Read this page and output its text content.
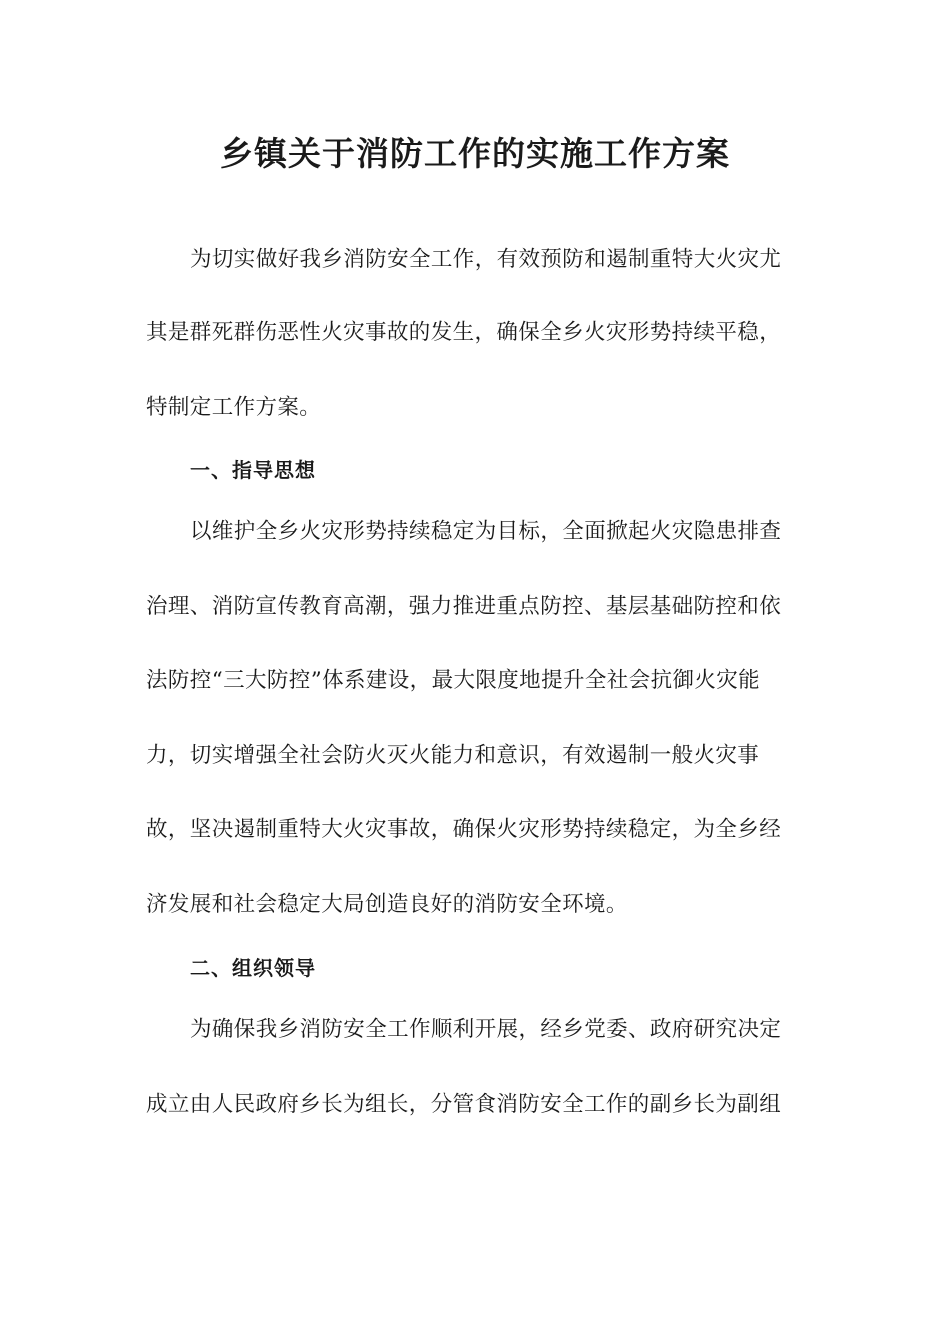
乡镇关于消防工作的实施工作方案
为切实做好我乡消防安全工作，有效预防和遏制重特大火灾尤
其是群死群伤恶性火灾事故的发生，确保全乡火灾形势持续平稳，
特制定工作方案。
一、指导思想
以维护全乡火灾形势持续稳定为目标，全面掀起火灾隐患排查
治理、消防宣传教育高潮，强力推进重点防控、基层基础防控和依
法防控“三大防控”体系建设，最大限度地提升全社会抗御火灾能
力，切实增强全社会防火灭火能力和意识，有效遏制一般火灾事
故，坚决遏制重特大火灾事故，确保火灾形势持续稳定，为全乡经
济发展和社会稳定大局创造良好的消防安全环境。
二、组织领导
为确保我乡消防安全工作顺利开展，经乡党委、政府研究决定
成立由人民政府乡长为组长，分管食消防安全工作的副乡长为副组
